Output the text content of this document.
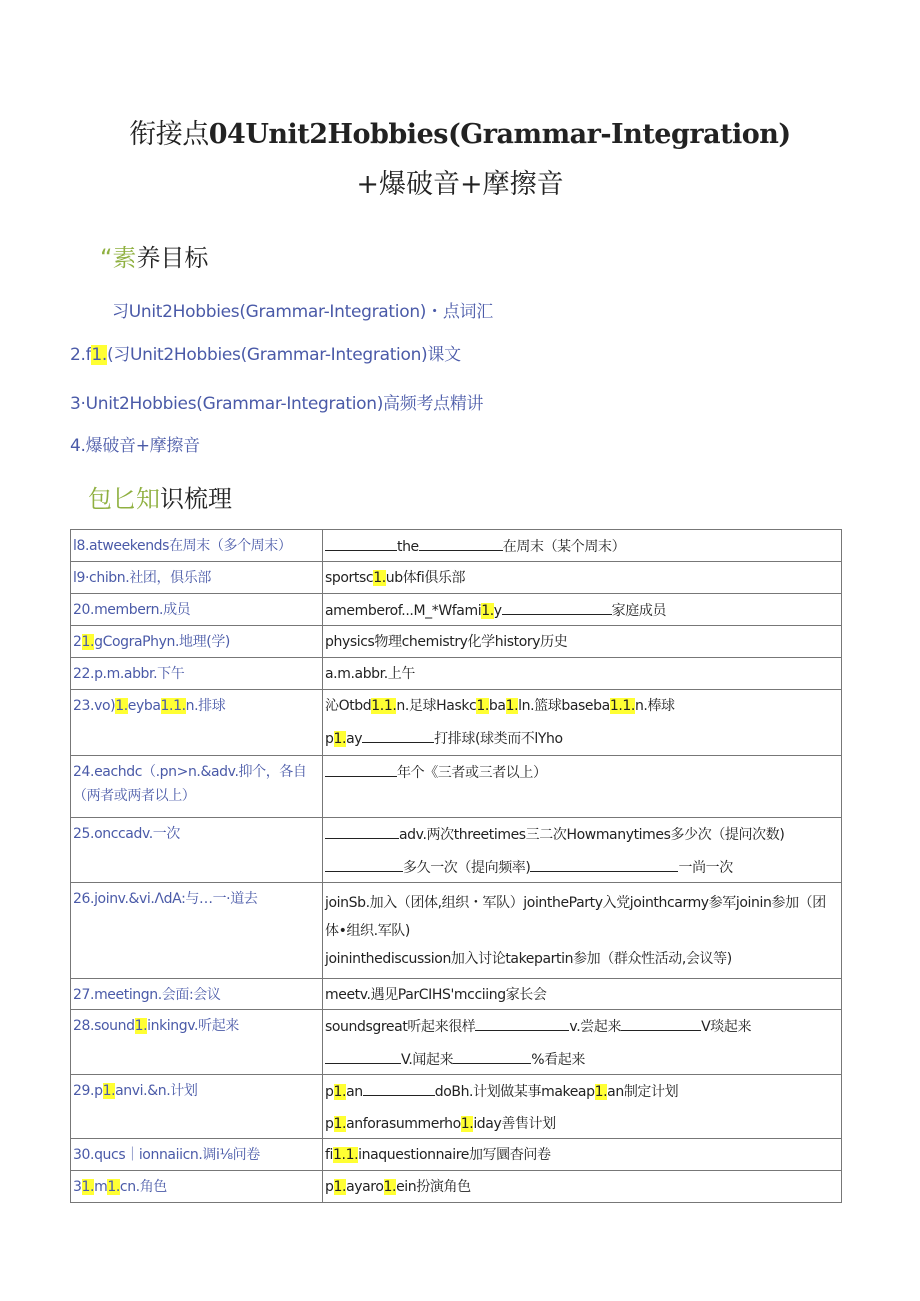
衔接点04Unit2Hobbies(Grammar-Integration)
+爆破音+摩擦音
“素养目标
习Unit2Hobbies(Grammar-Integration)・点词汇
2.f1.(习Unit2Hobbies(Grammar-Integration)课文
3·Unit2Hobbies(Grammar-Integration)高频考点精讲
4.爆破音+摩擦音
包匕知识梳理
l8.atweekends在周末（多个周末）	the 在周末（某个周末）
l9·chibn.社团，俱乐部	sportsc1.ub体fi俱乐部
20.membern.成员	amemberof...M_*Wfami1.y 家庭成员
21.gCograPhyn.地理(学)	physics物理chemistry化学history历史
22.p.m.abbr.下午	a.m.abbr.上午
23.vo)1.eyba1.1.n.排球	沁Otbd1.1.n.足球Haskc1.ba1.ln.篮球baseba1.1.n.棒球
p1.ay 打排球(球类而不lYho

24.eachdc（.pn>n.&adv.抑个，各自
（两者或两者以上）	年个《三者或三者以上）
25.onccadv.一次	adv.两次threetimes三二次Howmanytimes多少次（提问次数)
多久一次（提向频率) 一尚一次

26.joinv.&vi.ΛdA:与…一·道去	joinSb.加入（团体,组织・军队）jointheParty入党jointhcarmy参军joinin参加（团
体•组织.军队)
joininthediscussion加入讨论takepartin参加（群众性活动,会议等)

27.meetingn.会面:会议	meetv.遇见ParCIHS'mcciing家长会
28.sound1.inkingv.听起来	soundsgreat听起来很样 v.尝起来 V琰起来
V.闻起来 %看起来

29.p1.anvi.&n.计划	p1.an doBh.计划做某事makeap1.an制定计划
p1.anforasummerho1.iday善售计划

30.qucs｜ionnaiicn.调i⅛问卷	fi1.1.inaquestionnaire加写圜杳问卷
31.m1.cn.角色	p1.ayaro1.ein扮演角色
